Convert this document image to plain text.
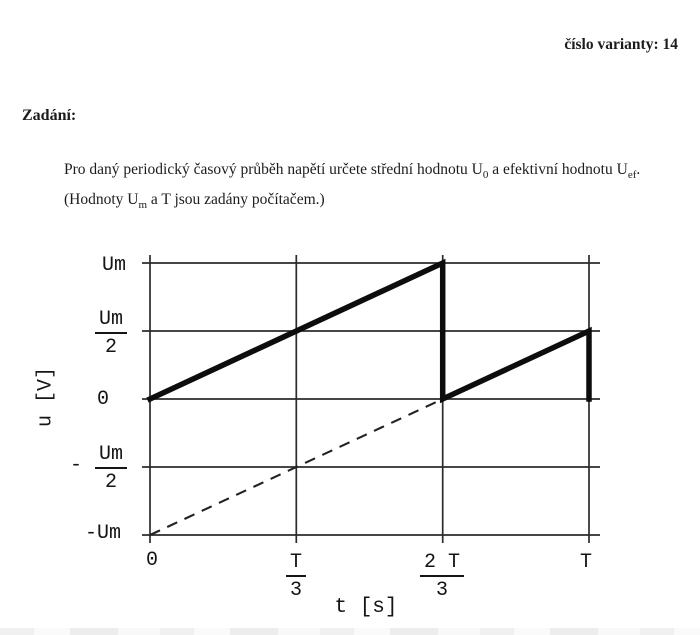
číslo varianty: 14
Zadání:

Pro daný periodický časový průběh napětí určete střední hodnotu $U_0$ a efektivní hodnotu $U_{ef}$.

(Hodnoty $U_m$ a T jsou zadány počítačem.)

Um
$\frac{Um}{2}$
0
- $\frac{Um}{2}$
-Um
0	$\frac{T}{3}$	$\frac{2 T}{3}$	T
u [V]
t [s]
